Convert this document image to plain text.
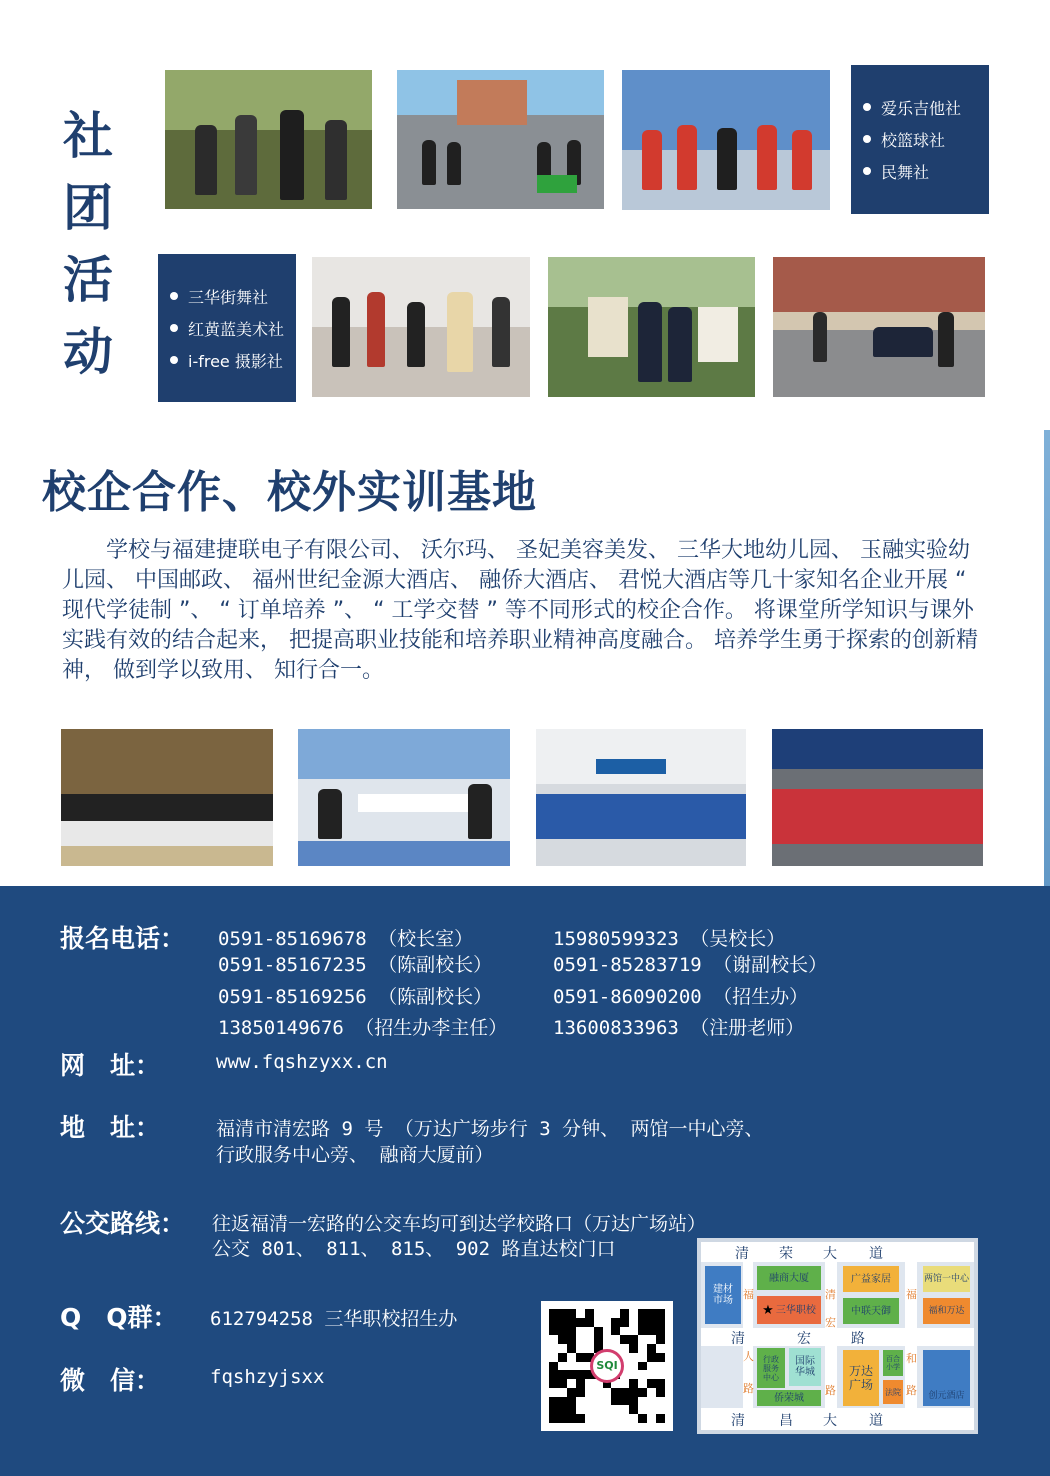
社
团
活
动
爱乐吉他社
校篮球社
民舞社
三华街舞社
红黄蓝美术社
i-free 摄影社
校企合作、校外实训基地
学校与福建捷联电子有限公司、 沃尔玛、 圣妃美容美发、 三华大地幼儿园、 玉融实验幼儿园、 中国邮政、 福州世纪金源大酒店、 融侨大酒店、 君悦大酒店等几十家知名企业开展 “ 现代学徒制 ”、 “ 订单培养 ”、 “ 工学交替 ” 等不同形式的校企合作。 将课堂所学知识与课外实践有效的结合起来， 把提高职业技能和培养职业精神高度融合。 培养学生勇于探索的创新精神， 做到学以致用、 知行合一。
报名电话： 0591-85169678 （校长室）	15980599323 （吴校长）
0591-85167235 （陈副校长）	0591-85283719 （谢副校长）
0591-85169256 （陈副校长）	0591-86090200 （招生办）
13850149676 （招生办李主任） 13600833963 （注册老师）
网　址：	www.fqshzyxx.cn
地　址：	福清市清宏路 9 号 （万达广场步行 3 分钟、 两馆一中心旁、
行政服务中心旁、 融商大厦前）
公交路线： 往返福清一宏路的公交车均可到达学校路口（万达广场站）
公交 801、 811、 815、 902 路直达校门口
Q　Q群： 612794258 三华职校招生办
微　信：	fqshzyjsxx
SQI
清 荣 大 道
清	宏	路
清 昌 大 道
福
人
路
清
宏
路
福
和
路
建材市场
融商大厦
★ 三华职校
广益家居
中联天御
两馆一中心
福和万达
行政服务中心
国际华城
侨荣城
万达广场
百合小学
法院	创元酒店
